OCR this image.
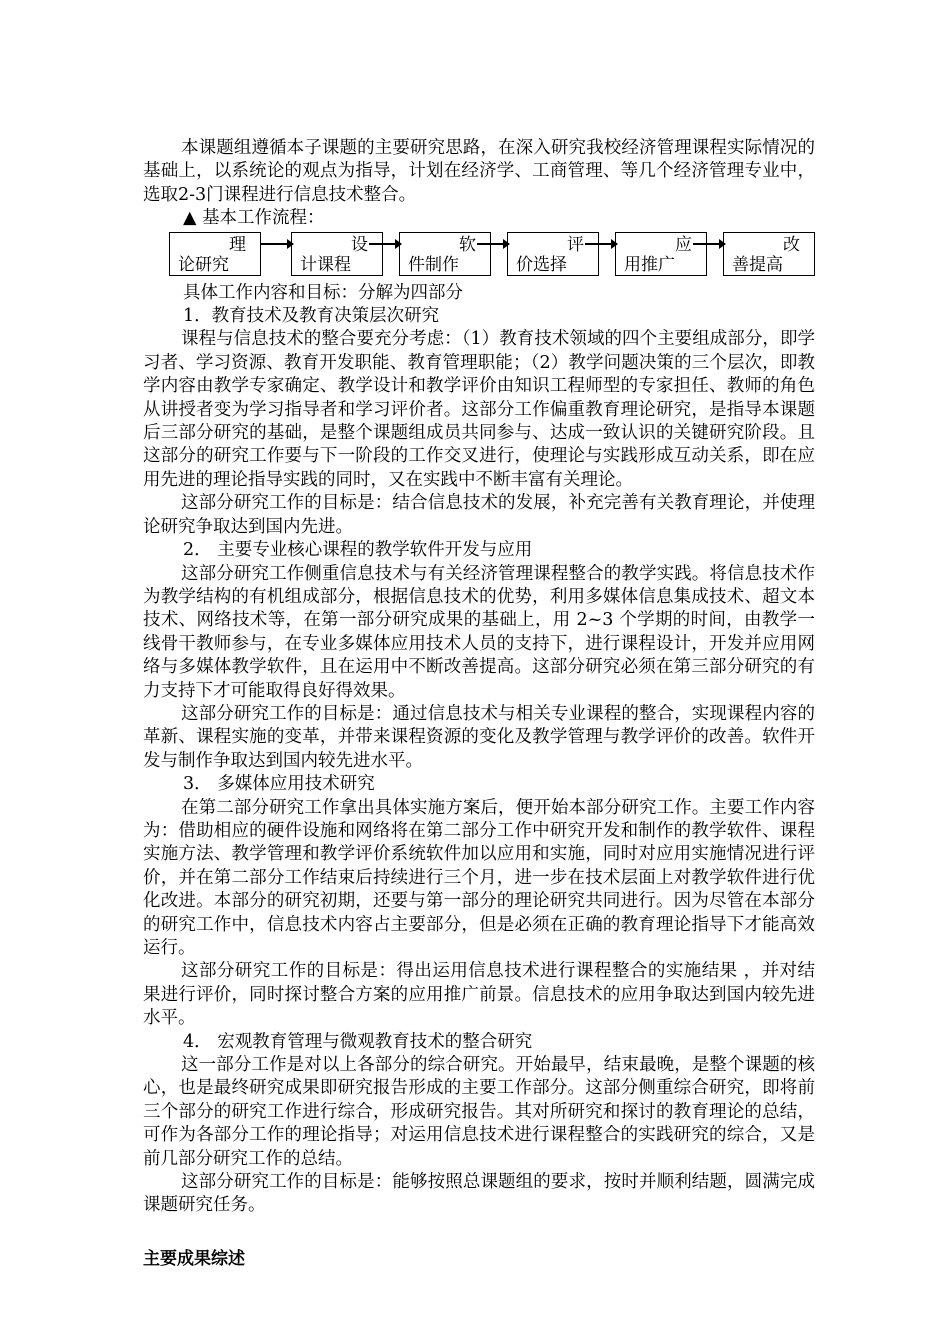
本课题组遵循本子课题的主要研究思路，在深入研究我校经济管理课程实际情况的基础上，以系统论的观点为指导，计划在经济学、工商管理、等几个经济管理专业中，选取2-3门课程进行信息技术整合。

▲ 基本工作流程：

理
论研究
设
计课程
软
件制作
评
价选择
应
用推广
改
善提高

具体工作内容和目标：分解为四部分

1．教育技术及教育决策层次研究

课程与信息技术的整合要充分考虑：（1）教育技术领域的四个主要组成部分，即学习者、学习资源、教育开发职能、教育管理职能；（2）教学问题决策的三个层次，即教学内容由教学专家确定、教学设计和教学评价由知识工程师型的专家担任、教师的角色从讲授者变为学习指导者和学习评价者。这部分工作偏重教育理论研究，是指导本课题后三部分研究的基础，是整个课题组成员共同参与、达成一致认识的关键研究阶段。且这部分的研究工作要与下一阶段的工作交叉进行，使理论与实践形成互动关系，即在应用先进的理论指导实践的同时，又在实践中不断丰富有关理论。

这部分研究工作的目标是：结合信息技术的发展，补充完善有关教育理论，并使理论研究争取达到国内先进。

2． 主要专业核心课程的教学软件开发与应用

这部分研究工作侧重信息技术与有关经济管理课程整合的教学实践。将信息技术作为教学结构的有机组成部分，根据信息技术的优势，利用多媒体信息集成技术、超文本技术、网络技术等，在第一部分研究成果的基础上，用 2~3 个学期的时间，由教学一线骨干教师参与，在专业多媒体应用技术人员的支持下，进行课程设计，开发并应用网络与多媒体教学软件，且在运用中不断改善提高。这部分研究必须在第三部分研究的有力支持下才可能取得良好得效果。

这部分研究工作的目标是：通过信息技术与相关专业课程的整合，实现课程内容的革新、课程实施的变革，并带来课程资源的变化及教学管理与教学评价的改善。软件开发与制作争取达到国内较先进水平。

3． 多媒体应用技术研究

在第二部分研究工作拿出具体实施方案后，便开始本部分研究工作。主要工作内容为：借助相应的硬件设施和网络将在第二部分工作中研究开发和制作的教学软件、课程实施方法、教学管理和教学评价系统软件加以应用和实施，同时对应用实施情况进行评价，并在第二部分工作结束后持续进行三个月，进一步在技术层面上对教学软件进行优化改进。本部分的研究初期，还要与第一部分的理论研究共同进行。因为尽管在本部分的研究工作中，信息技术内容占主要部分，但是必须在正确的教育理论指导下才能高效运行。

这部分研究工作的目标是：得出运用信息技术进行课程整合的实施结果 ，并对结果进行评价，同时探讨整合方案的应用推广前景。信息技术的应用争取达到国内较先进水平。

4． 宏观教育管理与微观教育技术的整合研究

这一部分工作是对以上各部分的综合研究。开始最早，结束最晚，是整个课题的核心，也是最终研究成果即研究报告形成的主要工作部分。这部分侧重综合研究，即将前三个部分的研究工作进行综合，形成研究报告。其对所研究和探讨的教育理论的总结，可作为各部分工作的理论指导；对运用信息技术进行课程整合的实践研究的综合，又是前几部分研究工作的总结。

这部分研究工作的目标是：能够按照总课题组的要求，按时并顺利结题，圆满完成课题研究任务。

主要成果综述
